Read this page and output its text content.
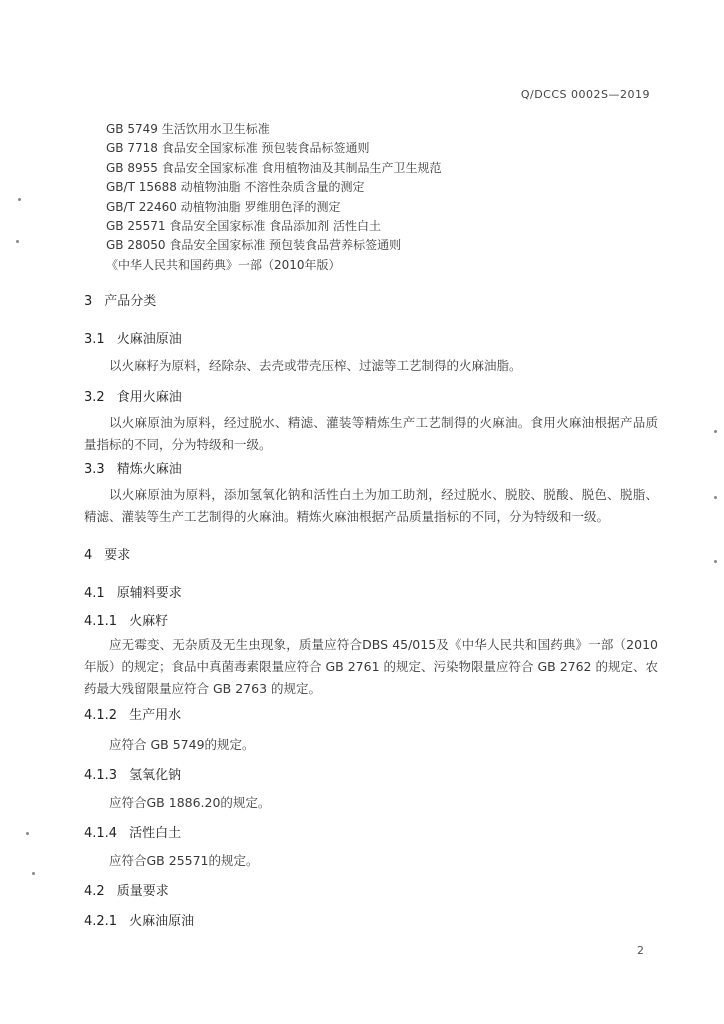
Q/DCCS 0002S—2019
GB 5749 生活饮用水卫生标准
GB 7718 食品安全国家标准 预包装食品标签通则
GB 8955 食品安全国家标准 食用植物油及其制品生产卫生规范
GB/T 15688 动植物油脂 不溶性杂质含量的测定
GB/T 22460 动植物油脂 罗维朋色泽的测定
GB 25571 食品安全国家标准 食品添加剂 活性白土
GB 28050 食品安全国家标准 预包装食品营养标签通则
《中华人民共和国药典》一部（2010年版）
3 产品分类
3.1 火麻油原油
以火麻籽为原料，经除杂、去壳或带壳压榨、过滤等工艺制得的火麻油脂。
3.2 食用火麻油
以火麻原油为原料，经过脱水、精滤、灌装等精炼生产工艺制得的火麻油。食用火麻油根据产品质量指标的不同，分为特级和一级。
3.3 精炼火麻油
以火麻原油为原料，添加氢氧化钠和活性白土为加工助剂，经过脱水、脱胶、脱酸、脱色、脱脂、精滤、灌装等生产工艺制得的火麻油。精炼火麻油根据产品质量指标的不同，分为特级和一级。
4 要求
4.1 原辅料要求
4.1.1 火麻籽
应无霉变、无杂质及无生虫现象，质量应符合DBS 45/015及《中华人民共和国药典》一部（2010年版）的规定；食品中真菌毒素限量应符合 GB 2761 的规定、污染物限量应符合 GB 2762 的规定、农药最大残留限量应符合 GB 2763 的规定。
4.1.2 生产用水
应符合 GB 5749的规定。
4.1.3 氢氧化钠
应符合GB 1886.20的规定。
4.1.4 活性白土
应符合GB 25571的规定。
4.2 质量要求
4.2.1 火麻油原油
2
